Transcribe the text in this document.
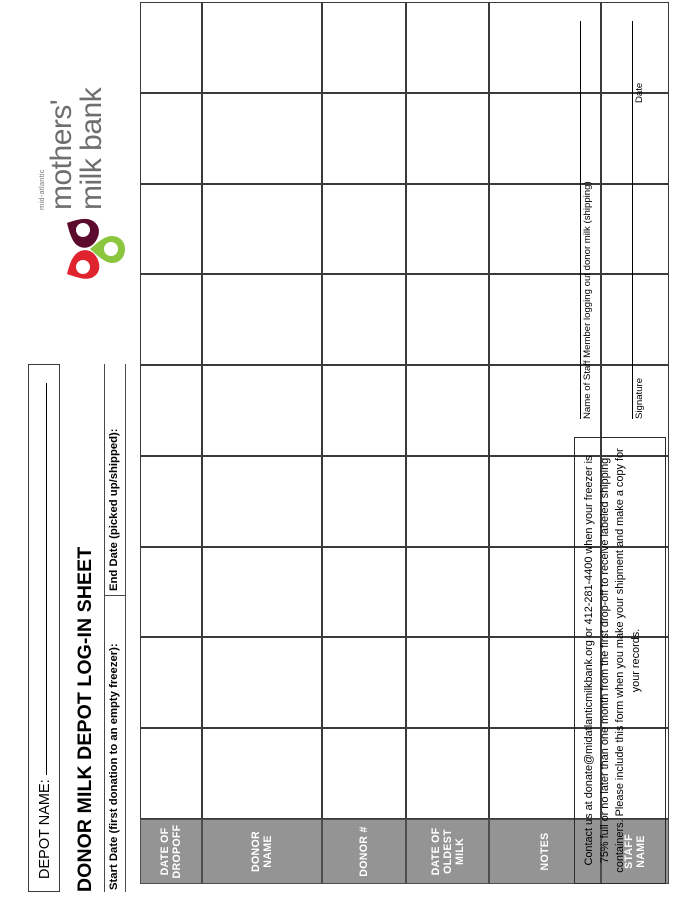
mid-atlantic mothers'
milk bank
DEPOT NAME: DONOR MILK DEPOT LOG-IN SHEET Start Date (first donation to an empty freezer):
End Date (picked up/shipped):
DATE OF DROPOFF	DONOR NAME	DONOR #	DATE OF OLDEST MILK	NOTES	STAFF NAME
Contact us at donate@midatlanticmilkbank.org or 412-281-4400 when your freezer is 75% full or no later than one month from the first drop-off to receive labeled shipping containers. Please include this form when you make your shipment and make a copy for your records.
Name of Staff Member logging out donor milk (shipping)	Signature
Date
